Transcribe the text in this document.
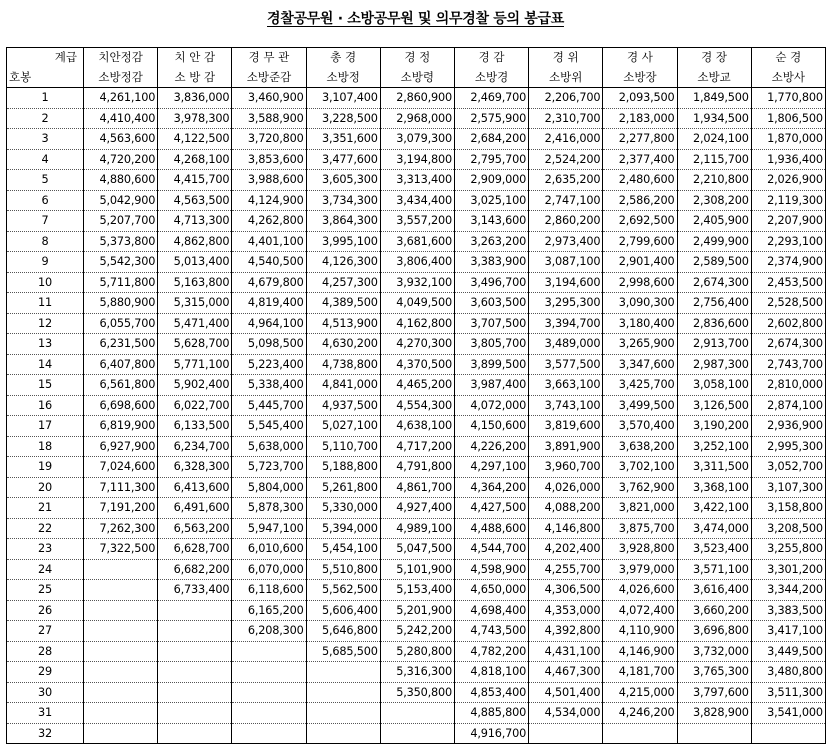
경찰공무원 · 소방공무원 및 의무경찰 등의 봉급표
계급	치안정감	치 안 감	경 무 관	총 경	경 정	경 감	경 위	경 사	경 장	순 경
호봉	소방정감	소 방 감	소방준감	소방정	소방령	소방경	소방위	소방장	소방교	소방사
1	4,261,100	3,836,000	3,460,900	3,107,400	2,860,900	2,469,700	2,206,700	2,093,500	1,849,500	1,770,800
2	4,410,400	3,978,300	3,588,900	3,228,500	2,968,000	2,575,900	2,310,700	2,183,000	1,934,500	1,806,500
3	4,563,600	4,122,500	3,720,800	3,351,600	3,079,300	2,684,200	2,416,000	2,277,800	2,024,100	1,870,000
4	4,720,200	4,268,100	3,853,600	3,477,600	3,194,800	2,795,700	2,524,200	2,377,400	2,115,700	1,936,400
5	4,880,600	4,415,700	3,988,600	3,605,300	3,313,400	2,909,000	2,635,200	2,480,600	2,210,800	2,026,900
6	5,042,900	4,563,500	4,124,900	3,734,300	3,434,400	3,025,100	2,747,100	2,586,200	2,308,200	2,119,300
7	5,207,700	4,713,300	4,262,800	3,864,300	3,557,200	3,143,600	2,860,200	2,692,500	2,405,900	2,207,900
8	5,373,800	4,862,800	4,401,100	3,995,100	3,681,600	3,263,200	2,973,400	2,799,600	2,499,900	2,293,100
9	5,542,300	5,013,400	4,540,500	4,126,300	3,806,400	3,383,900	3,087,100	2,901,400	2,589,500	2,374,900
10	5,711,800	5,163,800	4,679,800	4,257,300	3,932,100	3,496,700	3,194,600	2,998,600	2,674,300	2,453,500
11	5,880,900	5,315,000	4,819,400	4,389,500	4,049,500	3,603,500	3,295,300	3,090,300	2,756,400	2,528,500
12	6,055,700	5,471,400	4,964,100	4,513,900	4,162,800	3,707,500	3,394,700	3,180,400	2,836,600	2,602,800
13	6,231,500	5,628,700	5,098,500	4,630,200	4,270,300	3,805,700	3,489,000	3,265,900	2,913,700	2,674,300
14	6,407,800	5,771,100	5,223,400	4,738,800	4,370,500	3,899,500	3,577,500	3,347,600	2,987,300	2,743,700
15	6,561,800	5,902,400	5,338,400	4,841,000	4,465,200	3,987,400	3,663,100	3,425,700	3,058,100	2,810,000
16	6,698,600	6,022,700	5,445,700	4,937,500	4,554,300	4,072,000	3,743,100	3,499,500	3,126,500	2,874,100
17	6,819,900	6,133,500	5,545,400	5,027,100	4,638,100	4,150,600	3,819,600	3,570,400	3,190,200	2,936,900
18	6,927,900	6,234,700	5,638,000	5,110,700	4,717,200	4,226,200	3,891,900	3,638,200	3,252,100	2,995,300
19	7,024,600	6,328,300	5,723,700	5,188,800	4,791,800	4,297,100	3,960,700	3,702,100	3,311,500	3,052,700
20	7,111,300	6,413,600	5,804,000	5,261,800	4,861,700	4,364,200	4,026,000	3,762,900	3,368,100	3,107,300
21	7,191,200	6,491,600	5,878,300	5,330,000	4,927,400	4,427,500	4,088,200	3,821,000	3,422,100	3,158,800
22	7,262,300	6,563,200	5,947,100	5,394,000	4,989,100	4,488,600	4,146,800	3,875,700	3,474,000	3,208,500
23	7,322,500	6,628,700	6,010,600	5,454,100	5,047,500	4,544,700	4,202,400	3,928,800	3,523,400	3,255,800
24		6,682,200	6,070,000	5,510,800	5,101,900	4,598,900	4,255,700	3,979,000	3,571,100	3,301,200
25		6,733,400	6,118,600	5,562,500	5,153,400	4,650,000	4,306,500	4,026,600	3,616,400	3,344,200
26			6,165,200	5,606,400	5,201,900	4,698,400	4,353,000	4,072,400	3,660,200	3,383,500
27			6,208,300	5,646,800	5,242,200	4,743,500	4,392,800	4,110,900	3,696,800	3,417,100
28				5,685,500	5,280,800	4,782,200	4,431,100	4,146,900	3,732,000	3,449,500
29					5,316,300	4,818,100	4,467,300	4,181,700	3,765,300	3,480,800
30					5,350,800	4,853,400	4,501,400	4,215,000	3,797,600	3,511,300
31						4,885,800	4,534,000	4,246,200	3,828,900	3,541,000
32						4,916,700				
